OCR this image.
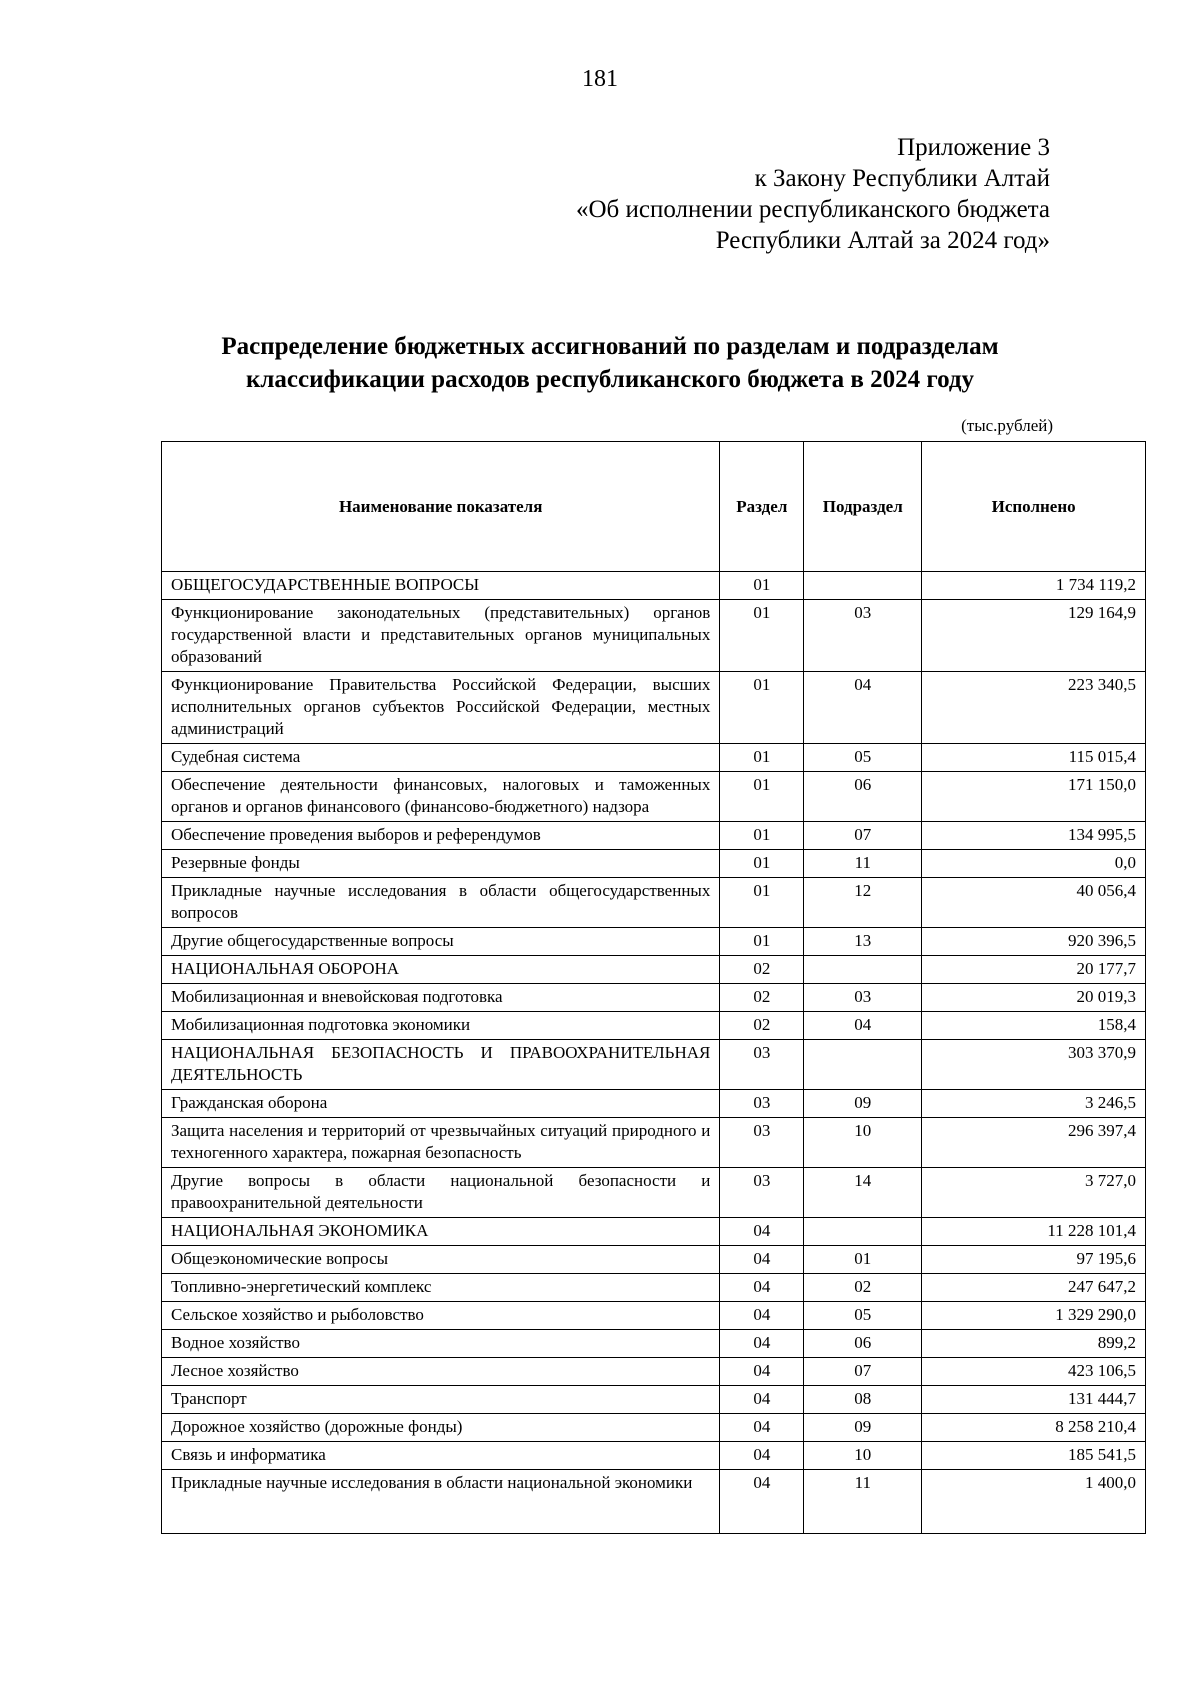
181
Приложение 3
к Закону Республики Алтай
«Об исполнении республиканского бюджета
Республики Алтай за 2024 год»
Распределение бюджетных ассигнований по разделам и подразделам
классификации расходов республиканского бюджета в 2024 году
(тыс.рублей)
Наименование показателя	Раздел	Подраздел	Исполнено
ОБЩЕГОСУДАРСТВЕННЫЕ ВОПРОСЫ	01		1 734 119,2
Функционирование законодательных (представительных) органов государственной власти и представительных органов муниципальных образований	01	03	129 164,9
Функционирование Правительства Российской Федерации, высших исполнительных органов субъектов Российской Федерации, местных администраций	01	04	223 340,5
Судебная система	01	05	115 015,4
Обеспечение деятельности финансовых, налоговых и таможенных органов и органов финансового (финансово-бюджетного) надзора	01	06	171 150,0
Обеспечение проведения выборов и референдумов	01	07	134 995,5
Резервные фонды	01	11	0,0
Прикладные научные исследования в области общегосударственных вопросов	01	12	40 056,4
Другие общегосударственные вопросы	01	13	920 396,5
НАЦИОНАЛЬНАЯ ОБОРОНА	02		20 177,7
Мобилизационная и вневойсковая подготовка	02	03	20 019,3
Мобилизационная подготовка экономики	02	04	158,4
НАЦИОНАЛЬНАЯ БЕЗОПАСНОСТЬ И ПРАВООХРАНИТЕЛЬНАЯ ДЕЯТЕЛЬНОСТЬ	03		303 370,9
Гражданская оборона	03	09	3 246,5
Защита населения и территорий от чрезвычайных ситуаций природного и техногенного характера, пожарная безопасность	03	10	296 397,4
Другие вопросы в области национальной безопасности и правоохранительной деятельности	03	14	3 727,0
НАЦИОНАЛЬНАЯ ЭКОНОМИКА	04		11 228 101,4
Общеэкономические вопросы	04	01	97 195,6
Топливно-энергетический комплекс	04	02	247 647,2
Сельское хозяйство и рыболовство	04	05	1 329 290,0
Водное хозяйство	04	06	899,2
Лесное хозяйство	04	07	423 106,5
Транспорт	04	08	131 444,7
Дорожное хозяйство (дорожные фонды)	04	09	8 258 210,4
Связь и информатика	04	10	185 541,5
Прикладные научные исследования в области национальной экономики	04	11	1 400,0
